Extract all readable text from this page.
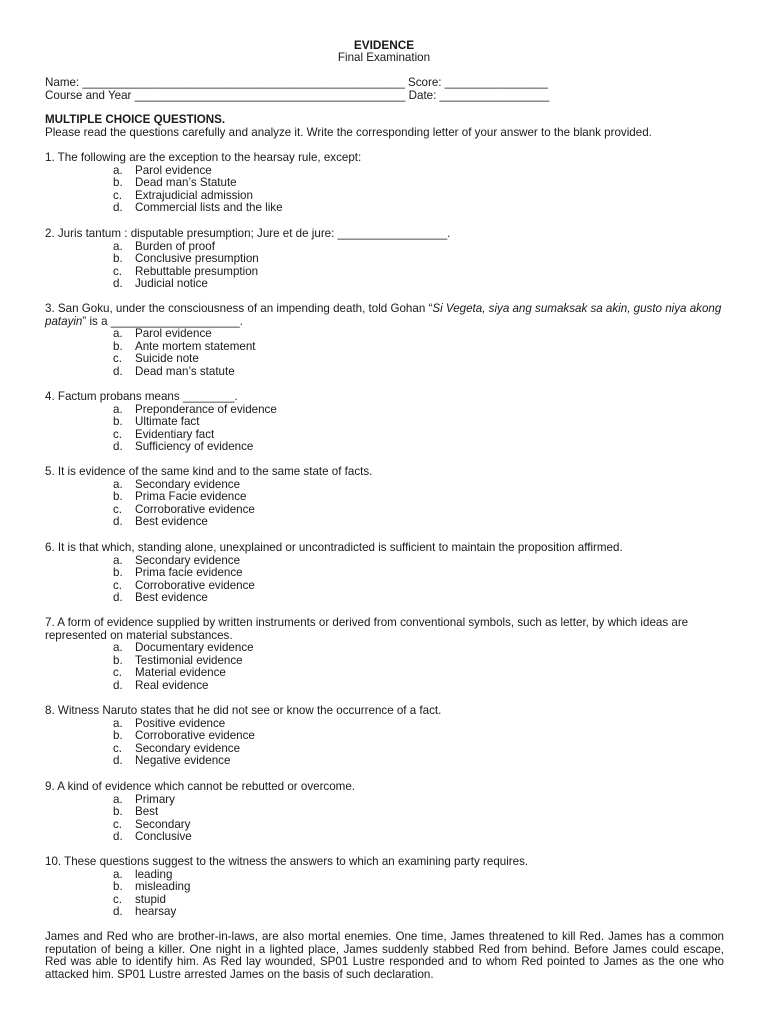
EVIDENCE
Final Examination
Name: __________________________________________________ Score: ________________
Course and Year __________________________________________ Date: _________________
MULTIPLE CHOICE QUESTIONS.
Please read the questions carefully and analyze it. Write the corresponding letter of your answer to the blank provided.
1. The following are the exception to the hearsay rule, except:
a.	Parol evidence
b.	Dead man’s Statute
c.	Extrajudicial admission
d.	Commercial lists and the like
2. Juris tantum : disputable presumption; Jure et de jure: _________________.
a.	Burden of proof
b.	Conclusive presumption
c.	Rebuttable presumption
d.	Judicial notice
3. San Goku, under the consciousness of an impending death, told Gohan “Si Vegeta, siya ang sumaksak sa akin, gusto niya akong patayin” is a ____________________.
a.	Parol evidence
b.	Ante mortem statement
c.	Suicide note
d.	Dead man’s statute
4. Factum probans means ________.
a.	Preponderance of evidence
b.	Ultimate fact
c.	Evidentiary fact
d.	Sufficiency of evidence
5. It is evidence of the same kind and to the same state of facts.
a.	Secondary evidence
b.	Prima Facie evidence
c.	Corroborative evidence
d.	Best evidence
6. It is that which, standing alone, unexplained or uncontradicted is sufficient to maintain the proposition affirmed.
a.	Secondary evidence
b.	Prima facie evidence
c.	Corroborative evidence
d.	Best evidence
7. A form of evidence supplied by written instruments or derived from conventional symbols, such as letter, by which ideas are represented on material substances.
a.	Documentary evidence
b.	Testimonial evidence
c.	Material evidence
d.	Real evidence
8. Witness Naruto states that he did not see or know the occurrence of a fact.
a.	Positive evidence
b.	Corroborative evidence
c.	Secondary evidence
d.	Negative evidence
9. A kind of evidence which cannot be rebutted or overcome.
a.	Primary
b.	Best
c.	Secondary
d.	Conclusive
10. These questions suggest to the witness the answers to which an examining party requires.
a.	leading
b.	misleading
c.	stupid
d.	hearsay

James and Red who are brother-in-laws, are also mortal enemies. One time, James threatened to kill Red. James has a common reputation of being a killer. One night in a lighted place, James suddenly stabbed Red from behind. Before James could escape, Red was able to identify him. As Red lay wounded, SP01 Lustre responded and to whom Red pointed to James as the one who attacked him. SP01 Lustre arrested James on the basis of such declaration.
